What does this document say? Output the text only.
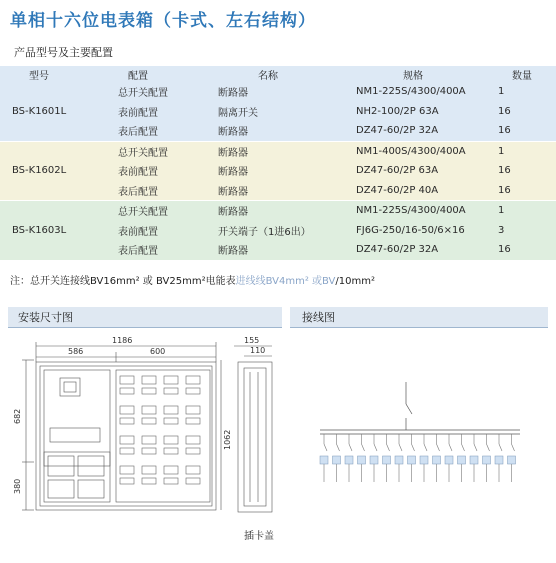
单相十六位电表箱（卡式、左右结构）
产品型号及主要配置
型号	配置	名称	规格	数量
BS-K1601L	总开关配置	断路器	NM1-225S/4300/400A	1
	表前配置	隔离开关	NH2-100/2P 63A	16
	表后配置	断路器	DZ47-60/2P 32A	16
BS-K1602L	总开关配置	断路器	NM1-400S/4300/400A	1
	表前配置	断路器	DZ47-60/2P 63A	16
	表后配置	断路器	DZ47-60/2P 40A	16
BS-K1603L	总开关配置	断路器	NM1-225S/4300/400A	1
	表前配置	开关端子（1进6出）	FJ6G-250/16-50/6×16	3
	表后配置	断路器	DZ47-60/2P 32A	16
注：总开关连接线BV16mm² 或 BV25mm²电能表进线线BV4mm² 或BV/10mm²
安装尺寸图	接线图
1186
586	600
155
110
682
380
1062
插卡盖
